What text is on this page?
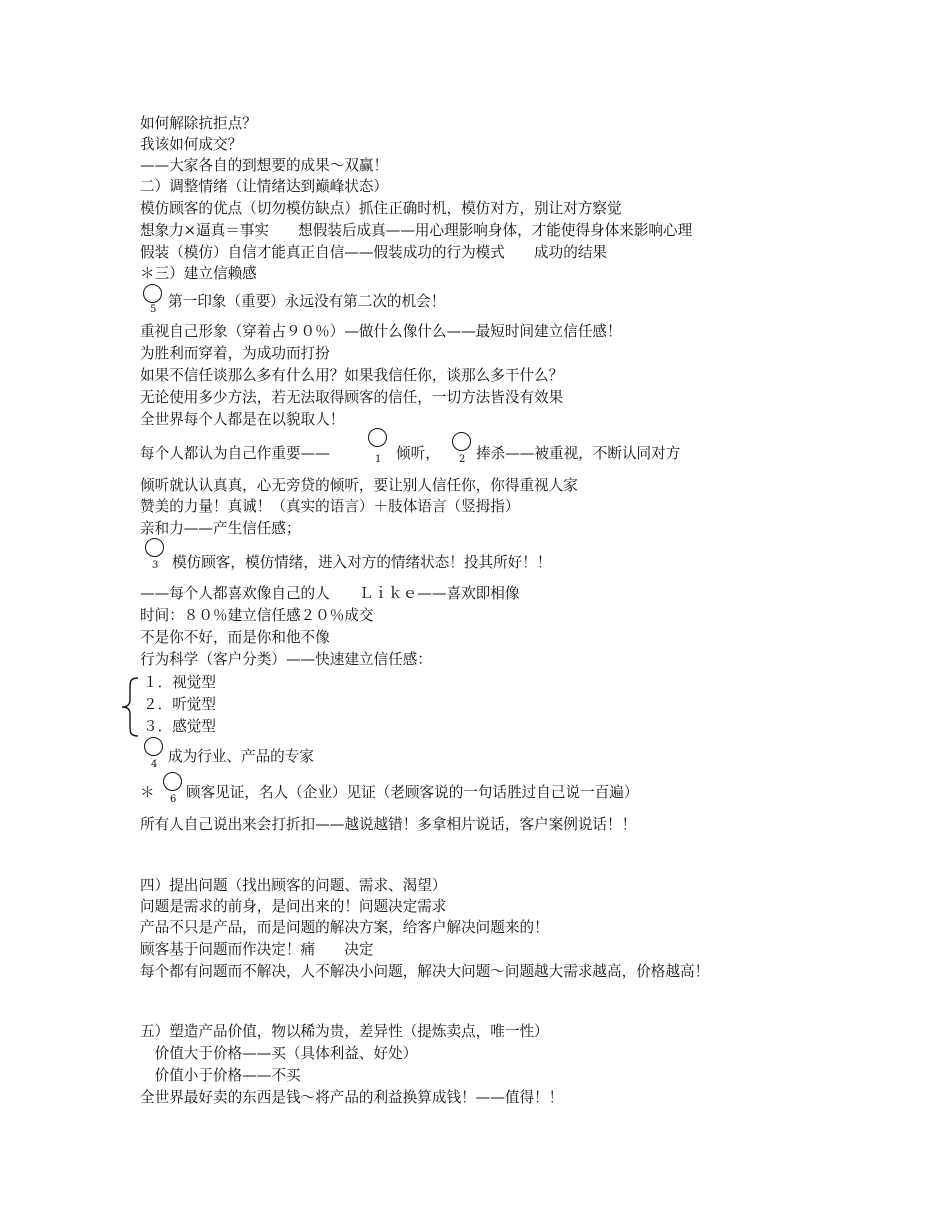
如何解除抗拒点？
我该如何成交？
——大家各自的到想要的成果～双赢！
二）调整情绪（让情绪达到巅峰状态）
模仿顾客的优点（切勿模仿缺点）抓住正确时机，模仿对方，别让对方察觉
想象力×逼真＝事实　　想假装后成真——用心理影响身体，才能使得身体来影响心理
假装（模仿）自信才能真正自信——假装成功的行为模式　　成功的结果
＊三）建立信赖感
5 第一印象（重要）永远没有第二次的机会！
重视自己形象（穿着占９０％）—做什么像什么——最短时间建立信任感！
为胜利而穿着，为成功而打扮
如果不信任谈那么多有什么用？如果我信任你，谈那么多干什么？
无论使用多少方法，若无法取得顾客的信任，一切方法皆没有效果
全世界每个人都是在以貌取人！
每个人都认为自己作重要——	1 倾听， 2 捧杀——被重视，不断认同对方
倾听就认认真真，心无旁贷的倾听，要让别人信任你，你得重视人家
赞美的力量！真诚！（真实的语言）＋肢体语言（竖拇指）
亲和力——产生信任感；
3 模仿顾客，模仿情绪，进入对方的情绪状态！投其所好！！
——每个人都喜欢像自己的人　　Ｌｉｋｅ——喜欢即相像
时间：８０％建立信任感２０％成交
不是你不好，而是你和他不像
行为科学（客户分类）——快速建立信任感：
１．视觉型
２．听觉型
３．感觉型
4 成为行业、产品的专家
＊ 6 顾客见证，名人（企业）见证（老顾客说的一句话胜过自己说一百遍）
所有人自己说出来会打折扣——越说越错！多拿相片说话，客户案例说话！！
四）提出问题（找出顾客的问题、需求、渴望）
问题是需求的前身，是问出来的！问题决定需求
产品不只是产品，而是问题的解决方案，给客户解决问题来的！
顾客基于问题而作决定！痛　　决定
每个都有问题而不解决，人不解决小问题，解决大问题～问题越大需求越高，价格越高！
五）塑造产品价值，物以稀为贵，差异性（提炼卖点，唯一性）
　价值大于价格——买（具体利益、好处）
　价值小于价格——不买
全世界最好卖的东西是钱～将产品的利益换算成钱！——值得！！
